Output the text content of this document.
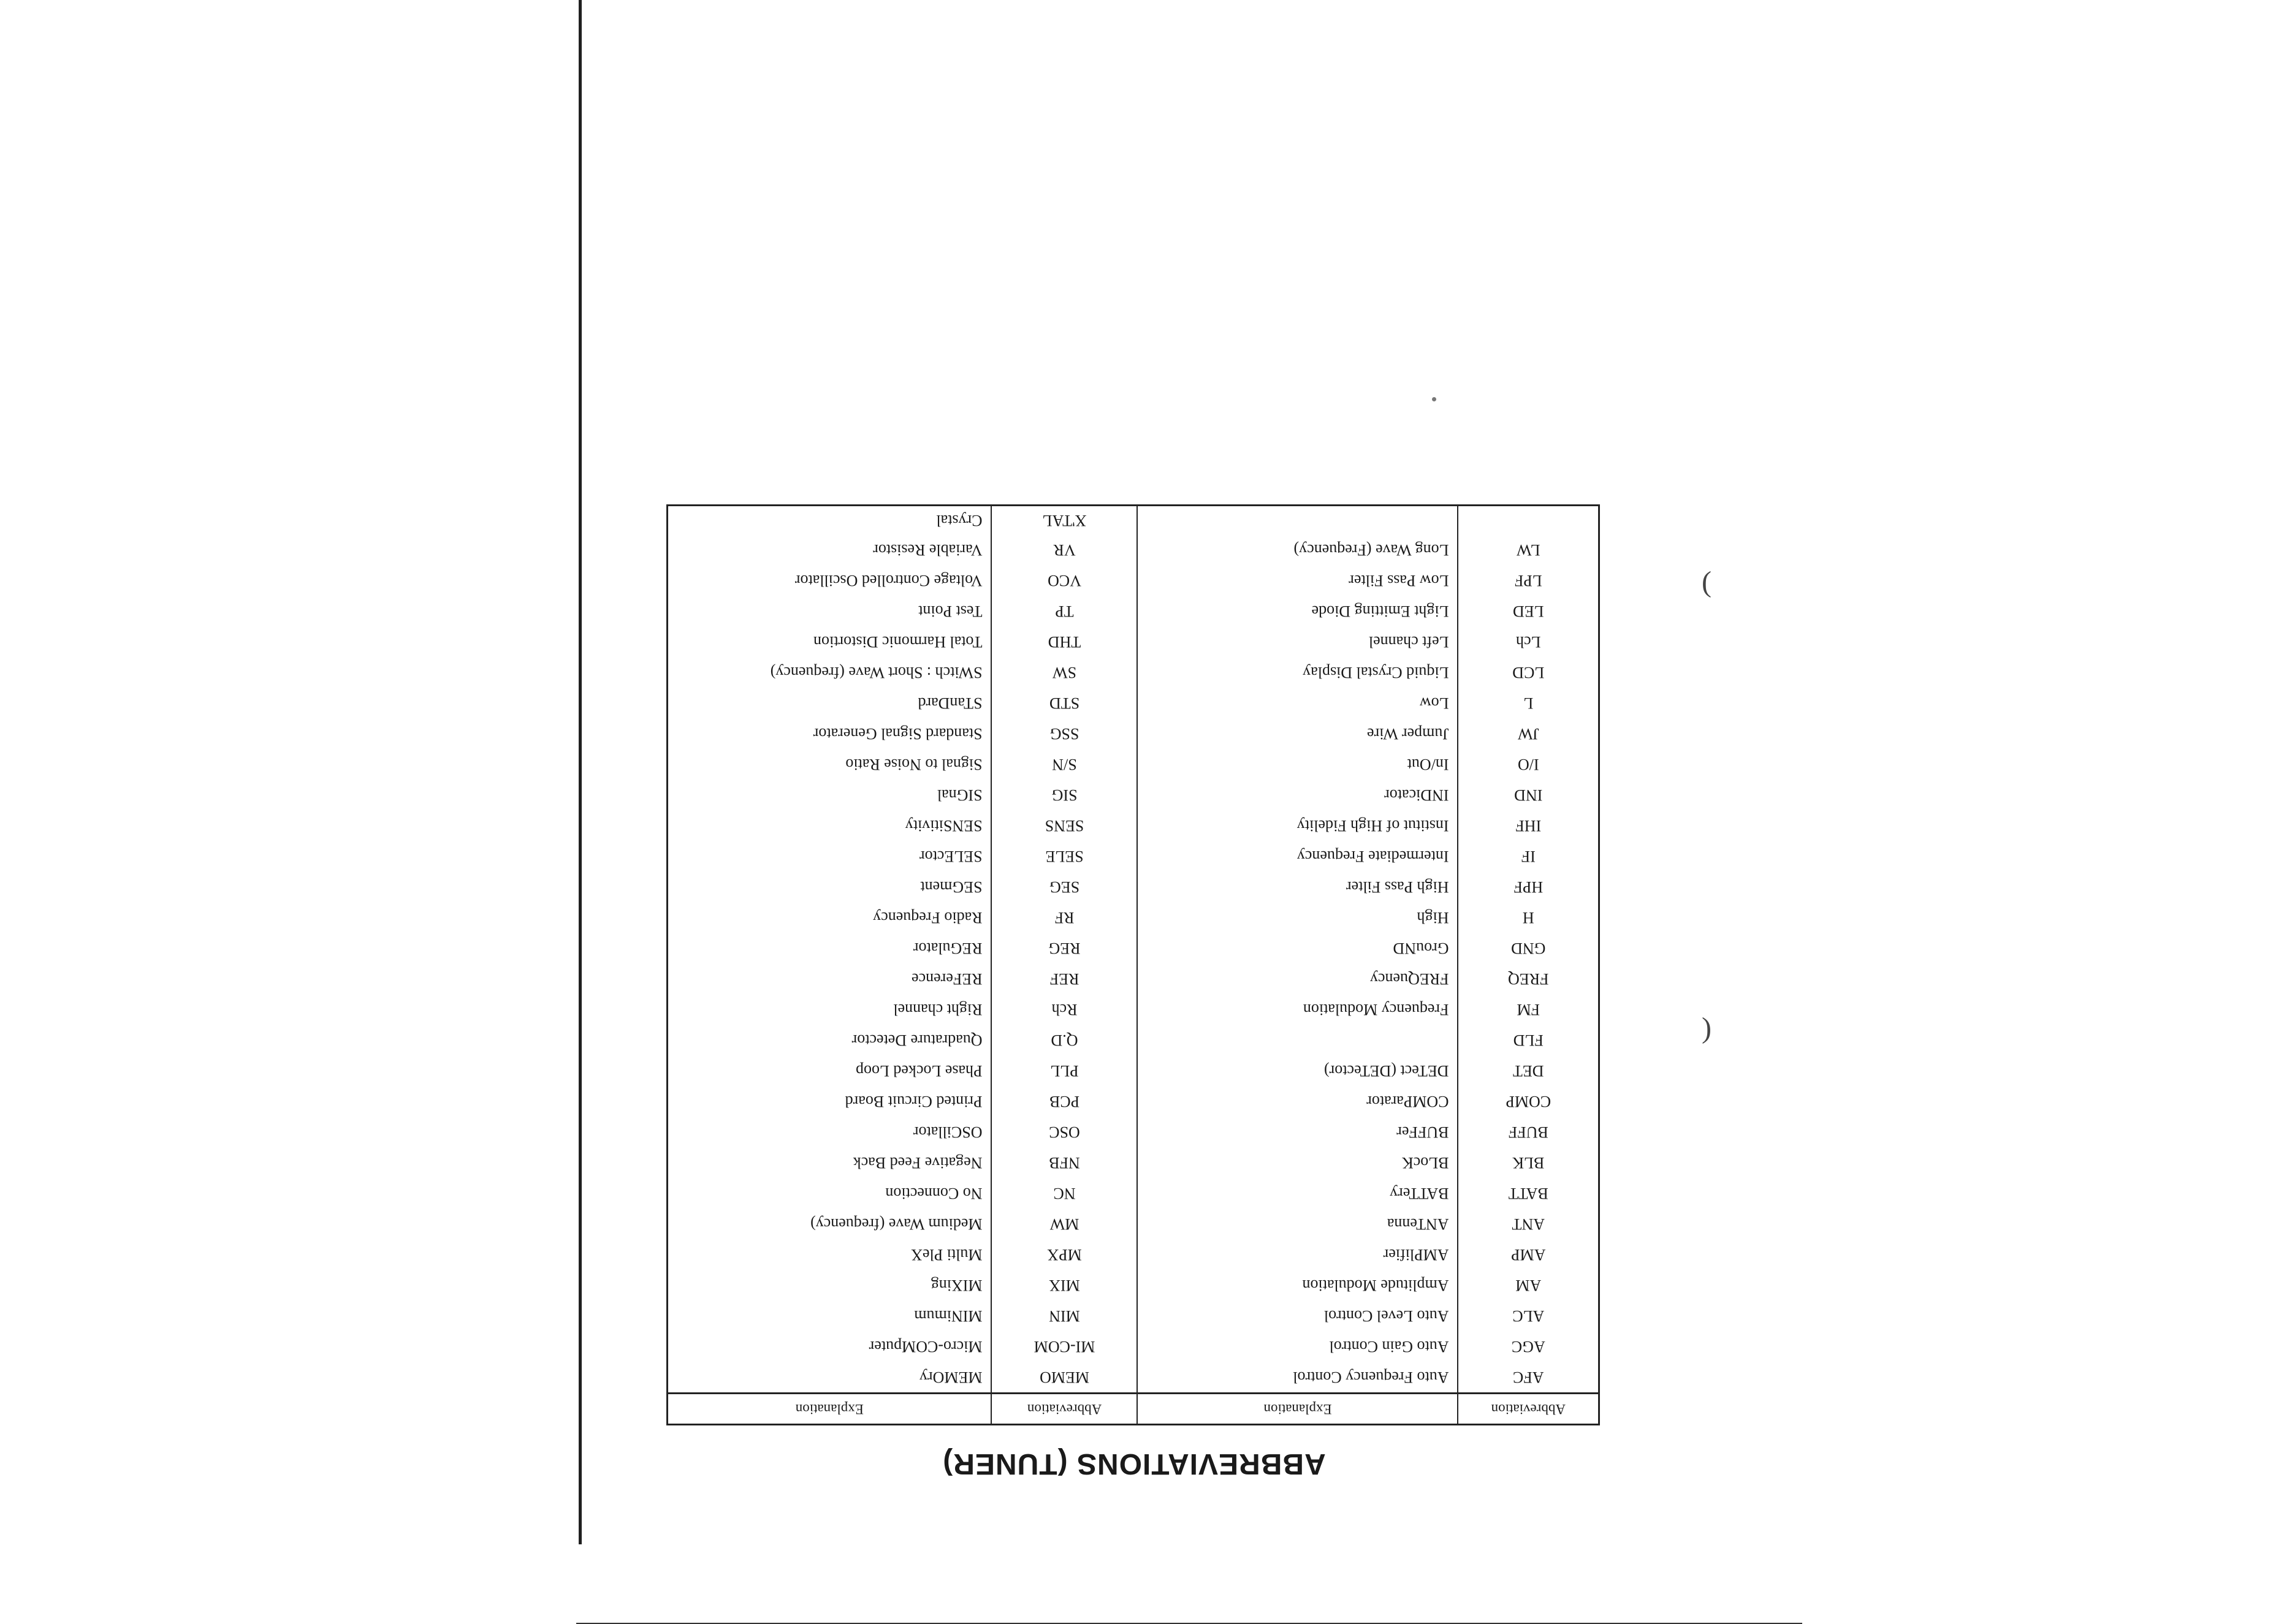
(
)
ABBREVIATIONS (TUNER)
Abbreviation	Explanation	Abbreviation	Explanation
AFC	Auto Frequency Control	MEMO	MEMOry
AGC	Auto Gain Control	MI-COM	Micro-COMputer
ALC	Auto Level Control	MIN	MINimum
AM	Amplitude Modulation	MIX	MIXing
AMP	AMPlifier	MPX	Multi PleX
ANT	ANTenna	MW	Medium Wave (frequency)
BATT	BATTery	NC	No Connection
BLK	BLocK	NFB	Negative Feed Back
BUFF	BUFFer	OSC	OSCillator
COMP	COMParator	PCB	Printed Circuit Board
DET	DETect (DETector)	PLL	Phase Locked Loop
FLD		Q.D	Quadrature Detector
FM	Frequency Modulation	Rch	Right channel
FREQ	FREQuency	REF	REFerence
GND	GrouND	REG	REGulator
H	High	RF	Radio Frequency
HPF	High Pass Filter	SEG	SEGment
IF	Intermediate Frequency	SELE	SELEctor
IHF	Institut of High Fidelity	SENS	SENSitivity
IND	INDicator	SIG	SIGnal
I/O	In/Out	S/N	Signal to Noise Ratio
JW	Jumper Wire	SSG	Standard Signal Generator
L	Low	STD	STanDard
LCD	Liquid Crystal Display	SW	SWitch : Short Wave (frequency)
Lch	Left channel	THD	Total Harmonic Distortion
LED	Light Emitting Diode	TP	Test Point
LPF	Low Pass Filter	VCO	Voltage Controlled Oscillator
LW	Long Wave (Frequency)	VR	Variable Resistor
		X'TAL	Crystal
